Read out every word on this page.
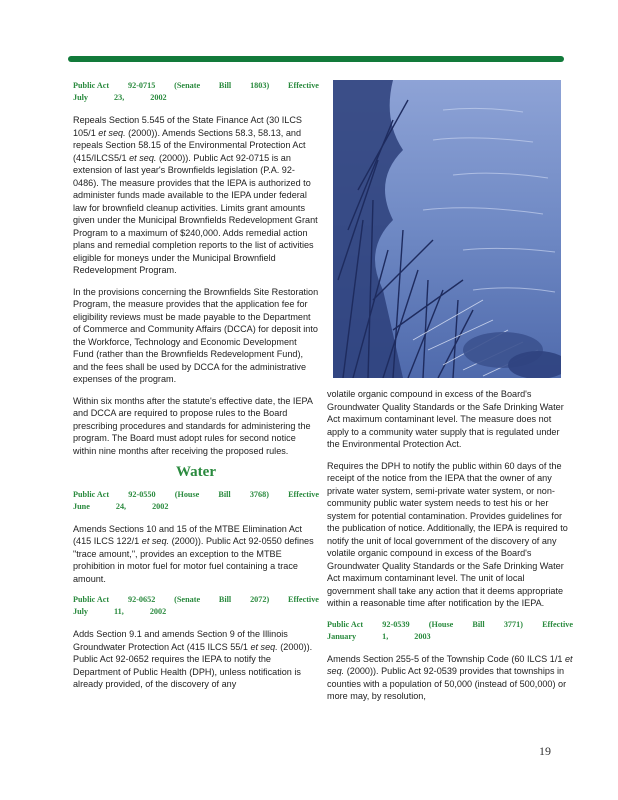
Public Act 92-0715 (Senate Bill 1803) Effective
July	23,	2002

Repeals Section 5.545 of the State Finance Act (30 ILCS 105/1 et seq. (2000)). Amends Sections 58.3, 58.13, and repeals Section 58.15 of the Environmental Protection Act (415/ILCS5/1 et seq. (2000)). Public Act 92-0715 is an extension of last year's Brownfields legislation (P.A. 92-0486). The measure provides that the IEPA is authorized to administer funds made available to the IEPA under federal law for brownfield cleanup activities. Limits grant amounts given under the Municipal Brownfields Redevelopment Grant Program to a maximum of $240,000. Adds remedial action plans and remedial completion reports to the list of activities eligible for moneys under the Municipal Brownfield Redevelopment Program.

In the provisions concerning the Brownfields Site Restoration Program, the measure provides that the application fee for eligibility reviews must be made payable to the Department of Commerce and Community Affairs (DCCA) for deposit into the Workforce, Technology and Economic Development Fund (rather than the Brownfields Redevelopment Fund), and the fees shall be used by DCCA for the administrative expenses of the program.

Within six months after the statute's effective date, the IEPA and DCCA are required to propose rules to the Board prescribing procedures and standards for administering the program. The Board must adopt rules for second notice within nine months after receiving the proposed rules.

Water
Public Act 92-0550 (House Bill 3768) Effective
June	24,	2002

Amends Sections 10 and 15 of the MTBE Elimination Act (415 ILCS 122/1 et seq. (2000)). Public Act 92-0550 defines "trace amount,", provides an exception to the MTBE prohibition in motor fuel for motor fuel containing a trace amount.

Public Act 92-0652 (Senate Bill 2072) Effective
July	11,	2002

Adds Section 9.1 and amends Section 9 of the Illinois Groundwater Protection Act (415 ILCS 55/1 et seq. (2000)). Public Act 92-0652 requires the IEPA to notify the Department of Public Health (DPH), unless notification is already provided, of the discovery of any

volatile organic compound in excess of the Board's Groundwater Quality Standards or the Safe Drinking Water Act maximum contaminant level. The measure does not apply to a community water supply that is regulated under the Environmental Protection Act.

Requires the DPH to notify the public within 60 days of the receipt of the notice from the IEPA that the owner of any private water system, semi-private water system, or non-community public water system needs to test his or her system for potential contamination. Provides guidelines for the publication of notice. Additionally, the IEPA is required to notify the unit of local government of the discovery of any volatile organic compound in excess of the Board's Groundwater Quality Standards or the Safe Drinking Water Act maximum contaminant level. The unit of local government shall take any action that it deems appropriate within a reasonable time after notification by the IEPA.

Public Act 92-0539 (House Bill 3771) Effective
January	1,	2003

Amends Section 255-5 of the Township Code (60 ILCS 1/1 et seq. (2000)). Public Act 92-0539 provides that townships in counties with a population of 50,000 (instead of 500,000) or more may, by resolution,

19
